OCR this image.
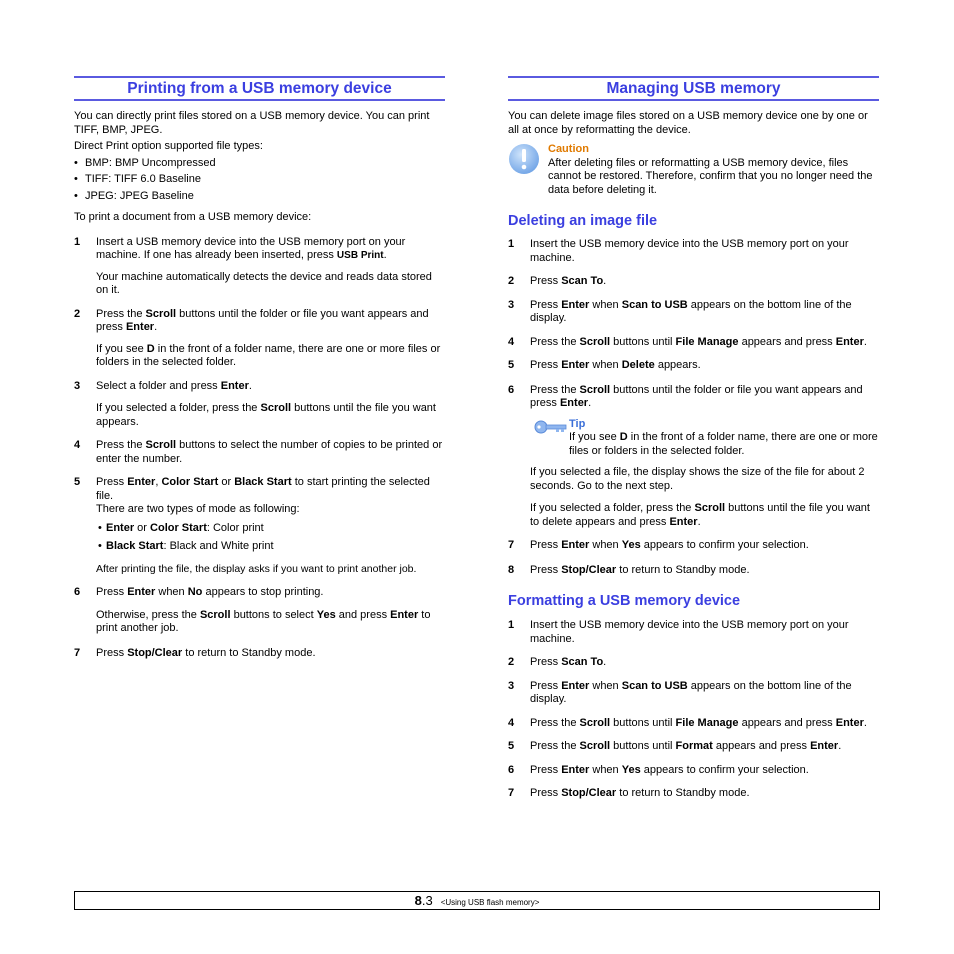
Printing from a USB memory device
You can directly print files stored on a USB memory device. You can print TIFF, BMP, JPEG.
Direct Print option supported file types:
• BMP: BMP Uncompressed
• TIFF: TIFF 6.0 Baseline
• JPEG: JPEG Baseline
To print a document from a USB memory device:
1 Insert a USB memory device into the USB memory port on your machine. If one has already been inserted, press USB Print.
Your machine automatically detects the device and reads data stored on it.
2 Press the Scroll buttons until the folder or file you want appears and press Enter.
If you see D in the front of a folder name, there are one or more files or folders in the selected folder.
3 Select a folder and press Enter.
If you selected a folder, press the Scroll buttons until the file you want appears.
4 Press the Scroll buttons to select the number of copies to be printed or enter the number.
5 Press Enter, Color Start or Black Start to start printing the selected file.
There are two types of mode as following:
• Enter or Color Start: Color print
• Black Start: Black and White print
After printing the file, the display asks if you want to print another job.
6 Press Enter when No appears to stop printing.
Otherwise, press the Scroll buttons to select Yes and press Enter to print another job.
7 Press Stop/Clear to return to Standby mode.
Managing USB memory
You can delete image files stored on a USB memory device one by one or all at once by reformatting the device.
Caution
After deleting files or reformatting a USB memory device, files cannot be restored. Therefore, confirm that you no longer need the data before deleting it.
Deleting an image file
1 Insert the USB memory device into the USB memory port on your machine.
2 Press Scan To.
3 Press Enter when Scan to USB appears on the bottom line of the display.
4 Press the Scroll buttons until File Manage appears and press Enter.
5 Press Enter when Delete appears.
6 Press the Scroll buttons until the folder or file you want appears and press Enter.
Tip
If you see D in the front of a folder name, there are one or more files or folders in the selected folder.
If you selected a file, the display shows the size of the file for about 2 seconds. Go to the next step.
If you selected a folder, press the Scroll buttons until the file you want to delete appears and press Enter.
7 Press Enter when Yes appears to confirm your selection.
8 Press Stop/Clear to return to Standby mode.
Formatting a USB memory device
1 Insert the USB memory device into the USB memory port on your machine.
2 Press Scan To.
3 Press Enter when Scan to USB appears on the bottom line of the display.
4 Press the Scroll buttons until File Manage appears and press Enter.
5 Press the Scroll buttons until Format appears and press Enter.
6 Press Enter when Yes appears to confirm your selection.
7 Press Stop/Clear to return to Standby mode.
8.3 <Using USB flash memory>
